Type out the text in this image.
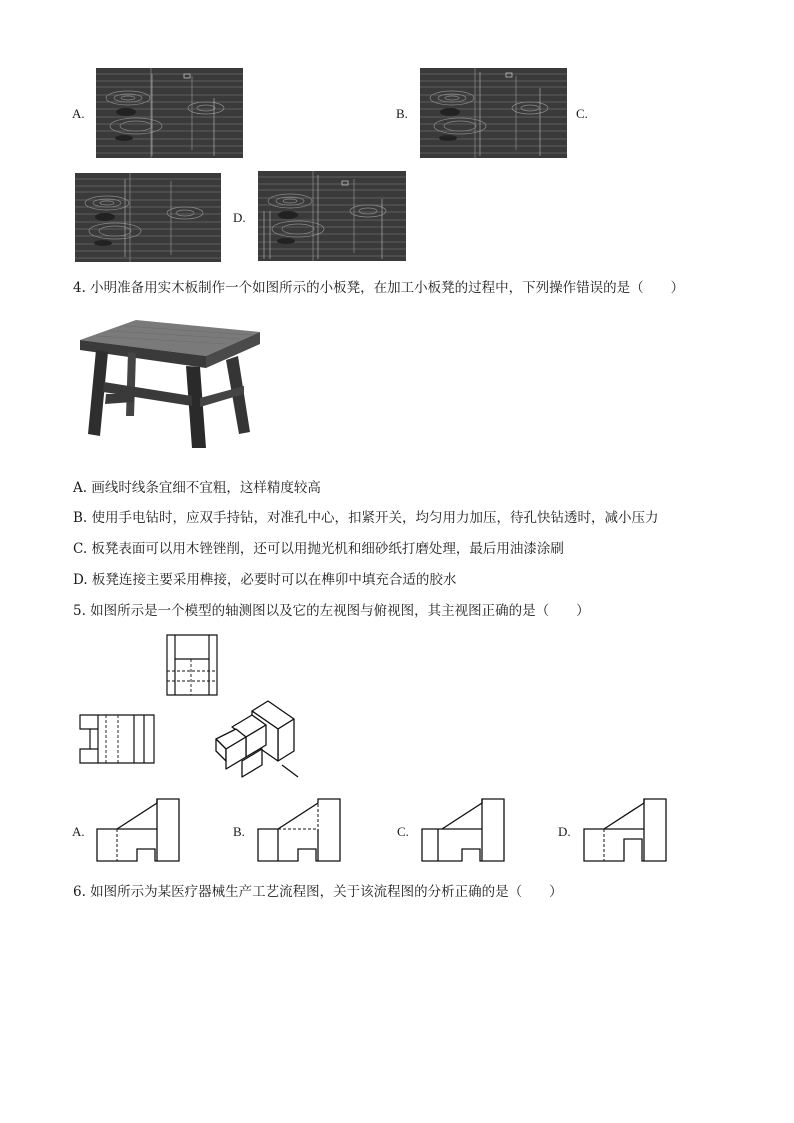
A.	B.	C.
D.
4. 小明准备用实木板制作一个如图所示的小板凳，在加工小板凳的过程中，下列操作错误的是（　　）
A. 画线时线条宜细不宜粗，这样精度较高
B. 使用手电钻时，应双手持钻，对准孔中心，扣紧开关，均匀用力加压，待孔快钻透时，减小压力
C. 板凳表面可以用木锉锉削，还可以用抛光机和细砂纸打磨处理，最后用油漆涂刷
D. 板凳连接主要采用榫接，必要时可以在榫卯中填充合适的胶水
5. 如图所示是一个模型的轴测图以及它的左视图与俯视图，其主视图正确的是（　　）
A.	B.	C.	D.
6. 如图所示为某医疗器械生产工艺流程图，关于该流程图的分析正确的是（　　）
